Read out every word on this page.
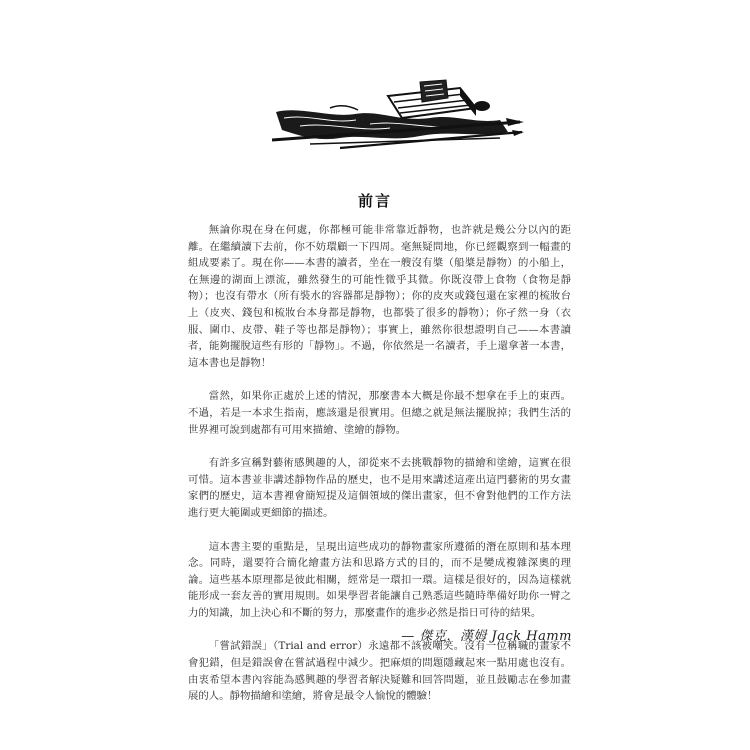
前言

無論你現在身在何處，你都極可能非常靠近靜物，也許就是幾公分以內的距離。在繼續讀下去前，你不妨環顧一下四周。毫無疑問地，你已經觀察到一幅畫的組成要素了。現在你——本書的讀者，坐在一艘沒有槳（船槳是靜物）的小船上，在無邊的湖面上漂流，雖然發生的可能性微乎其微。你既沒帶上食物（食物是靜物）；也沒有帶水（所有裝水的容器都是靜物）；你的皮夾或錢包還在家裡的梳妝台上（皮夾、錢包和梳妝台本身都是靜物，也都裝了很多的靜物）；你孑然一身（衣服、圍巾、皮帶、鞋子等也都是靜物）；事實上，雖然你很想證明自己——本書讀者，能夠擺脫這些有形的「靜物」。不過，你依然是一名讀者，手上還拿著一本書，這本書也是靜物！

當然，如果你正處於上述的情況，那麼書本大概是你最不想拿在手上的東西。不過，若是一本求生指南，應該還是很實用。但總之就是無法擺脫掉；我們生活的世界裡可說到處都有可用來描繪、塗繪的靜物。

有許多宣稱對藝術感興趣的人，卻從來不去挑戰靜物的描繪和塗繪，這實在很可惜。這本書並非講述靜物作品的歷史，也不是用來講述這產出這門藝術的男女畫家們的歷史，這本書裡會簡短提及這個領域的傑出畫家，但不會對他們的工作方法進行更大範圍或更細節的描述。

這本書主要的重點是，呈現出這些成功的靜物畫家所遵循的潛在原則和基本理念。同時，還要符合簡化繪畫方法和思路方式的目的，而不是變成複雜深奧的理論。這些基本原理都是彼此相關，經常是一環扣一環。這樣是很好的，因為這樣就能形成一套友善的實用規則。如果學習者能讓自己熟悉這些隨時準備好助你一臂之力的知識，加上決心和不斷的努力，那麼畫作的進步必然是指日可待的結果。

「嘗試錯誤」（Trial and error）永遠都不該被嘲笑。沒有一位稱職的畫家不會犯錯，但是錯誤會在嘗試過程中減少。把麻煩的問題隱藏起來一點用處也沒有。由衷希望本書內容能為感興趣的學習者解決疑難和回答問題，並且鼓勵志在參加畫展的人。靜物描繪和塗繪，將會是最令人愉悅的體驗！

— 傑克．漢姆 Jack Hamm
